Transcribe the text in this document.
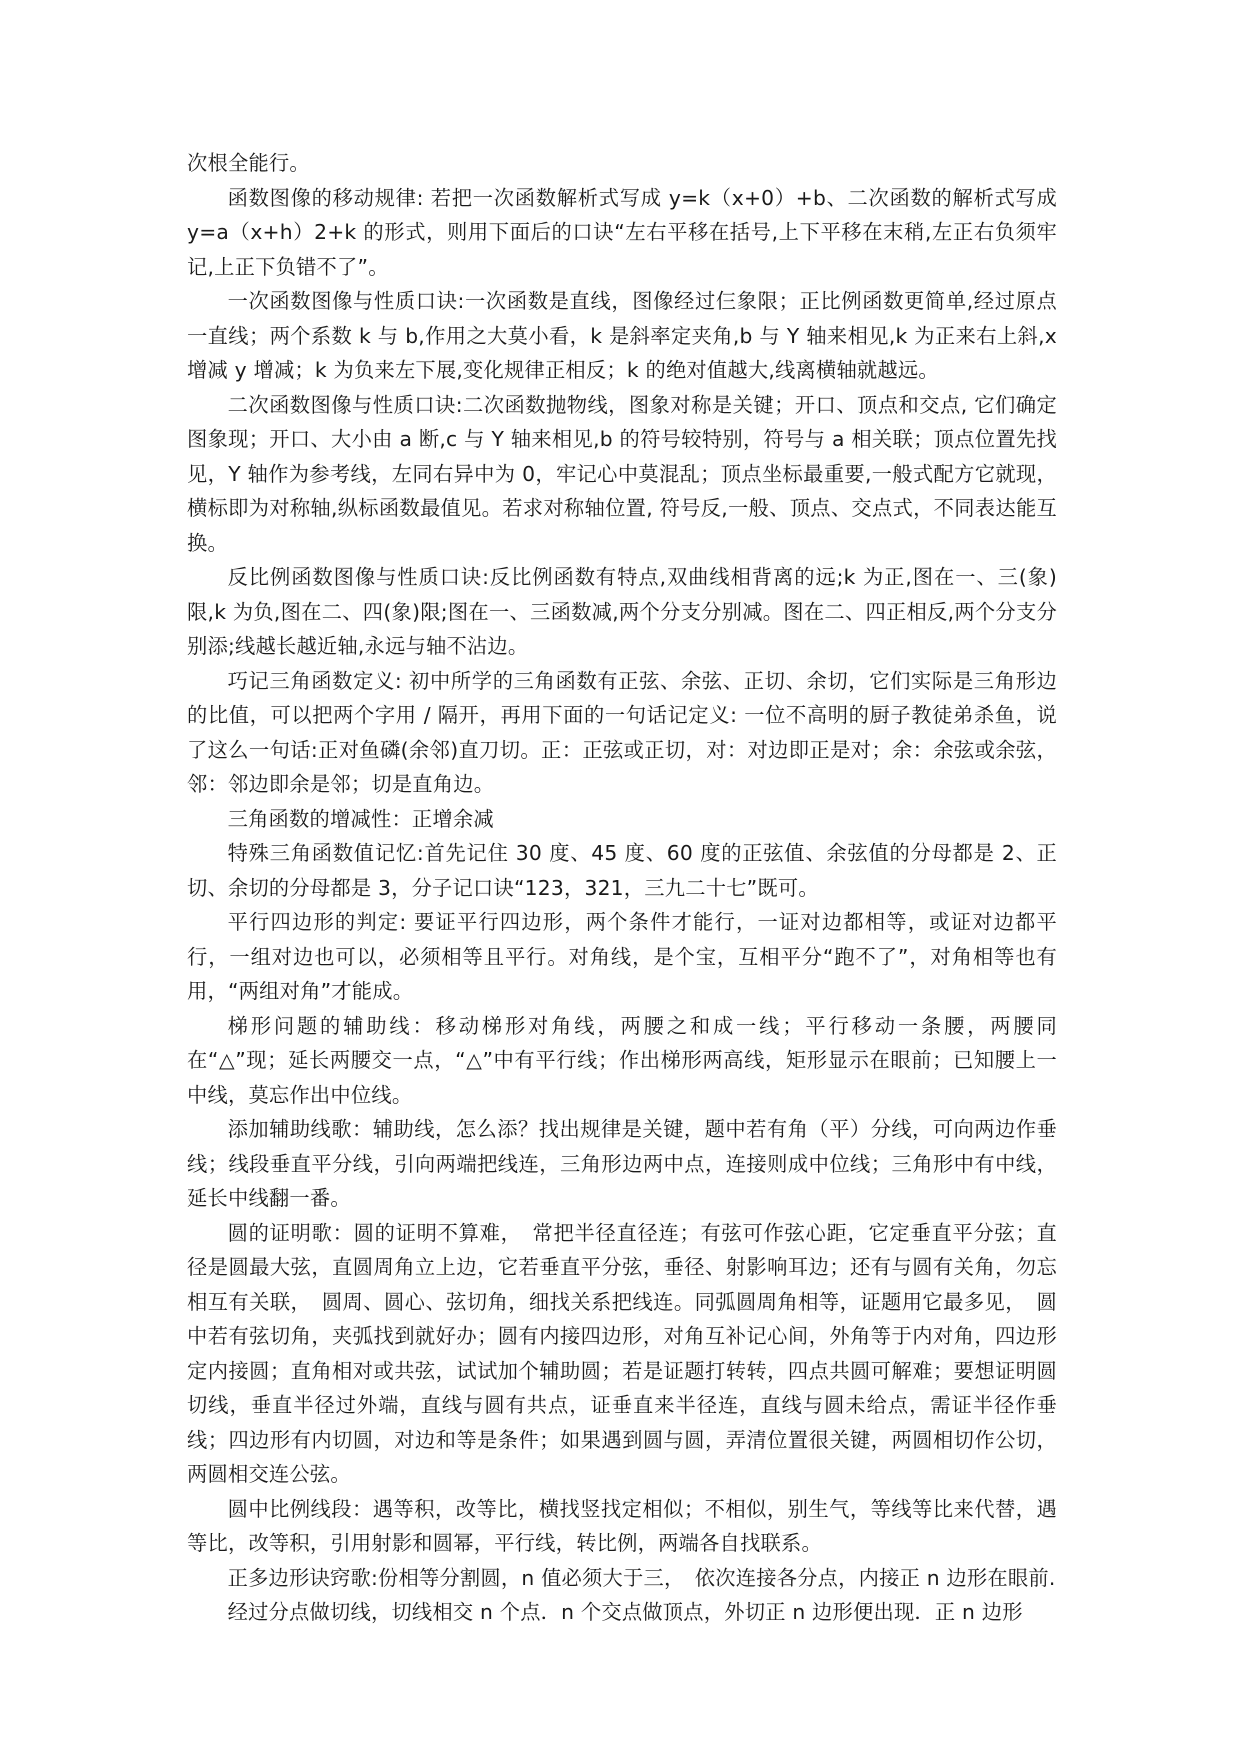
次根全能行。

函数图像的移动规律: 若把一次函数解析式写成 y=k（x+0）+b、二次函数的解析式写成 y=a（x+h）2+k 的形式，则用下面后的口诀“左右平移在括号,上下平移在末稍,左正右负须牢记,上正下负错不了”。

一次函数图像与性质口诀:一次函数是直线，图像经过仨象限；正比例函数更简单,经过原点一直线；两个系数 k 与 b,作用之大莫小看，k 是斜率定夹角,b 与 Y 轴来相见,k 为正来右上斜,x 增减 y 增减；k 为负来左下展,变化规律正相反；k 的绝对值越大,线离横轴就越远。

二次函数图像与性质口诀:二次函数抛物线，图象对称是关键；开口、顶点和交点, 它们确定图象现；开口、大小由 a 断,c 与 Y 轴来相见,b 的符号较特别，符号与 a 相关联；顶点位置先找见，Y 轴作为参考线，左同右异中为 0，牢记心中莫混乱；顶点坐标最重要,一般式配方它就现，横标即为对称轴,纵标函数最值见。若求对称轴位置, 符号反,一般、顶点、交点式，不同表达能互换。

反比例函数图像与性质口诀:反比例函数有特点,双曲线相背离的远;k 为正,图在一、三(象)限,k 为负,图在二、四(象)限;图在一、三函数减,两个分支分别减。图在二、四正相反,两个分支分别添;线越长越近轴,永远与轴不沾边。

巧记三角函数定义: 初中所学的三角函数有正弦、余弦、正切、余切，它们实际是三角形边的比值，可以把两个字用 / 隔开，再用下面的一句话记定义: 一位不高明的厨子教徒弟杀鱼，说了这么一句话:正对鱼磷(余邻)直刀切。正：正弦或正切，对：对边即正是对；余：余弦或余弦，邻：邻边即余是邻；切是直角边。

三角函数的增减性：正增余减

特殊三角函数值记忆:首先记住 30 度、45 度、60 度的正弦值、余弦值的分母都是 2、正切、余切的分母都是 3，分子记口诀“123，321，三九二十七”既可。

平行四边形的判定: 要证平行四边形，两个条件才能行，一证对边都相等，或证对边都平行，一组对边也可以，必须相等且平行。对角线，是个宝，互相平分“跑不了”，对角相等也有用，“两组对角”才能成。

梯形问题的辅助线：移动梯形对角线，两腰之和成一线；平行移动一条腰，两腰同在“△”现；延长两腰交一点，“△”中有平行线；作出梯形两高线，矩形显示在眼前；已知腰上一中线，莫忘作出中位线。

添加辅助线歌：辅助线，怎么添？找出规律是关键，题中若有角（平）分线，可向两边作垂线；线段垂直平分线，引向两端把线连，三角形边两中点，连接则成中位线；三角形中有中线，延长中线翻一番。

圆的证明歌：圆的证明不算难，　常把半径直径连；有弦可作弦心距，它定垂直平分弦；直径是圆最大弦，直圆周角立上边，它若垂直平分弦，垂径、射影响耳边；还有与圆有关角，勿忘相互有关联，　圆周、圆心、弦切角，细找关系把线连。同弧圆周角相等，证题用它最多见，　圆中若有弦切角，夹弧找到就好办；圆有内接四边形，对角互补记心间，外角等于内对角，四边形定内接圆；直角相对或共弦，试试加个辅助圆；若是证题打转转，四点共圆可解难；要想证明圆切线，垂直半径过外端，直线与圆有共点，证垂直来半径连，直线与圆未给点，需证半径作垂线；四边形有内切圆，对边和等是条件；如果遇到圆与圆，弄清位置很关键，两圆相切作公切，两圆相交连公弦。

圆中比例线段：遇等积，改等比，横找竖找定相似；不相似，别生气，等线等比来代替，遇等比，改等积，引用射影和圆幂，平行线，转比例，两端各自找联系。

正多边形诀窍歌:份相等分割圆，n 值必须大于三，　依次连接各分点，内接正 n 边形在眼前.

经过分点做切线，切线相交 n 个点．n 个交点做顶点，外切正 n 边形便出现．正 n 边形
